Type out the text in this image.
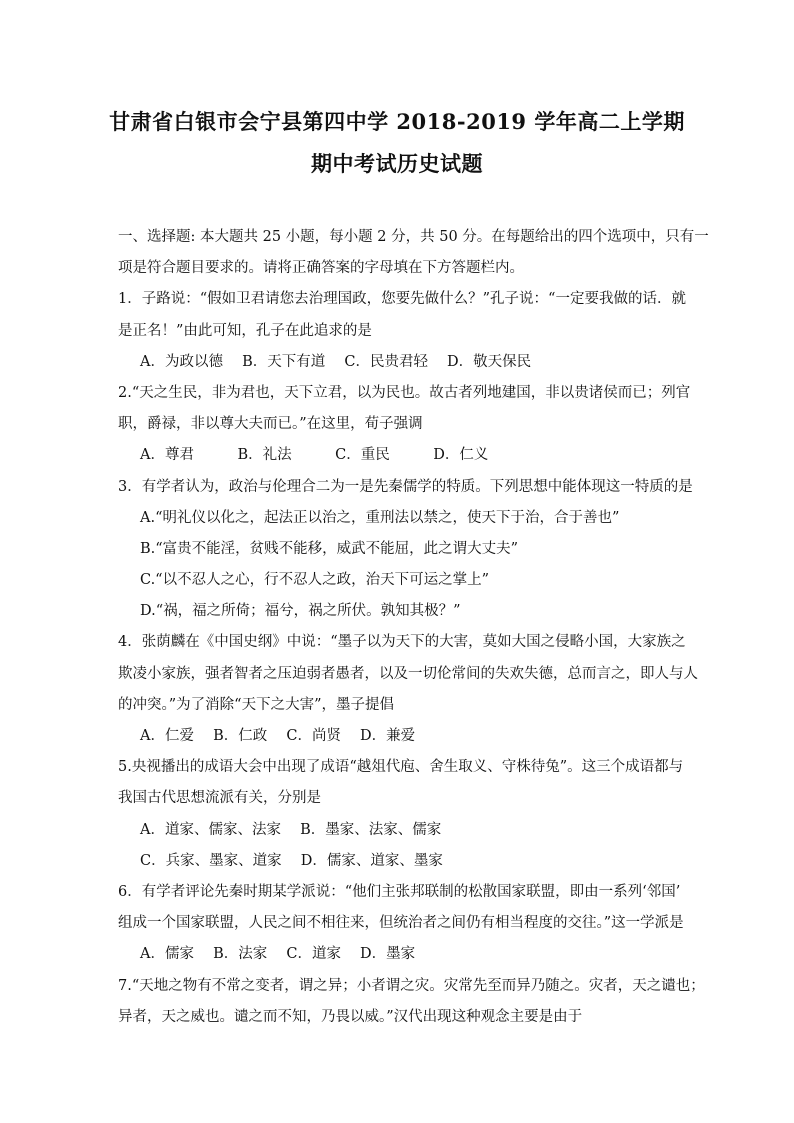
甘肃省白银市会宁县第四中学 2018-2019 学年高二上学期
期中考试历史试题
一、选择题: 本大题共 25 小题，每小题 2 分，共 50 分。在每题给出的四个选项中，只有一
项是符合题目要求的。请将正确答案的字母填在下方答题栏内。
1．子路说：“假如卫君请您去治理国政，您要先做什么？”孔子说：“一定要我做的话．就
是正名！”由此可知，孔子在此追求的是
A．为政以德　 B．天下有道　 C．民贵君轻　 D．敬天保民
2.“天之生民，非为君也，天下立君，以为民也。故古者列地建国，非以贵诸侯而已；列官
职，爵禄，非以尊大夫而已。”在这里，荀子强调
A．尊君　　　B．礼法　　　C．重民　　　D．仁义
3．有学者认为，政治与伦理合二为一是先秦儒学的特质。下列思想中能体现这一特质的是
A.“明礼仪以化之，起法正以治之，重刑法以禁之，使天下于治，合于善也”
B.“富贵不能淫，贫贱不能移，威武不能屈，此之谓大丈夫”
C.“以不忍人之心，行不忍人之政，治天下可运之掌上”
D.“祸，福之所倚；福兮，祸之所伏。孰知其极？”
4．张荫麟在《中国史纲》中说：“墨子以为天下的大害，莫如大国之侵略小国，大家族之
欺凌小家族，强者智者之压迫弱者愚者，以及一切伦常间的失欢失德，总而言之，即人与人
的冲突。”为了消除“天下之大害”，墨子提倡
A．仁爱　 B．仁政　 C．尚贤　 D．兼爱
5.央视播出的成语大会中出现了成语“越俎代庖、舍生取义、守株待兔”。这三个成语都与
我国古代思想流派有关，分别是
A．道家、儒家、法家　 B．墨家、法家、儒家
C．兵家、墨家、道家　 D．儒家、道家、墨家
6．有学者评论先秦时期某学派说：“他们主张邦联制的松散国家联盟，即由一系列‘邻国’
组成一个国家联盟，人民之间不相往来，但统治者之间仍有相当程度的交往。”这一学派是
A．儒家　 B．法家　 C．道家　 D．墨家
7.“天地之物有不常之变者，谓之异；小者谓之灾。灾常先至而异乃随之。灾者，天之谴也；
异者，天之威也。谴之而不知，乃畏以威。”汉代出现这种观念主要是由于
